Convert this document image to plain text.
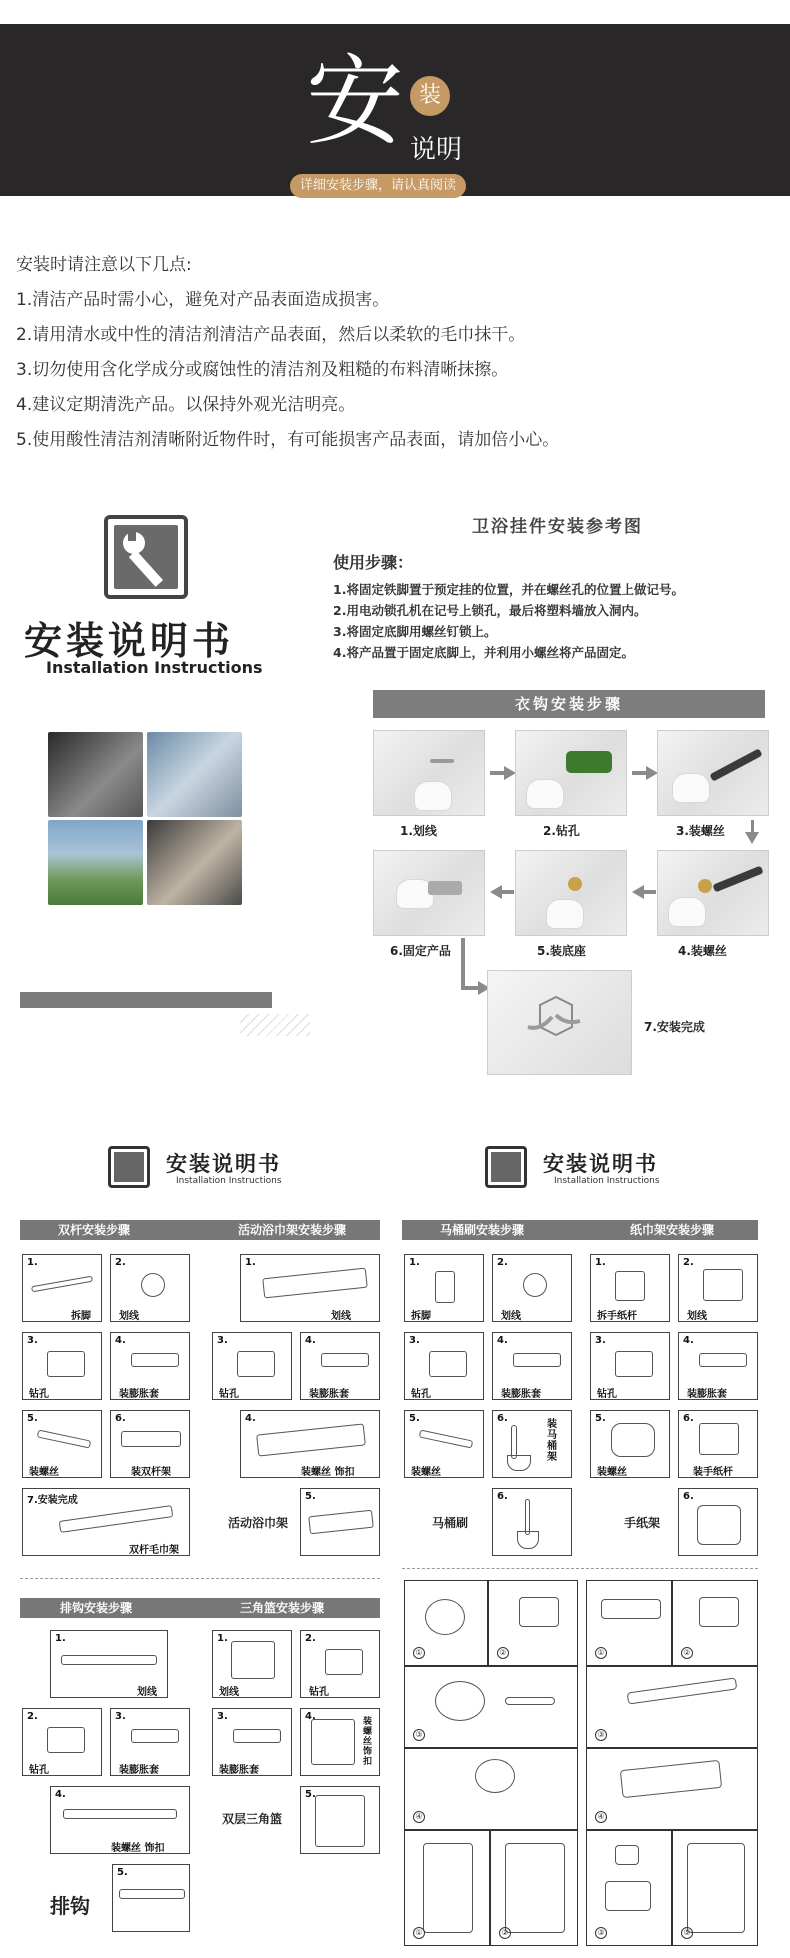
安 装
说明
详细安装步骤，请认真阅读
安装时请注意以下几点:
1.清洁产品时需小心，避免对产品表面造成损害。
2.请用清水或中性的清洁剂清洁产品表面，然后以柔软的毛巾抹干。
3.切勿使用含化学成分或腐蚀性的清洁剂及粗糙的布料清晰抹擦。
4.建议定期清洗产品。以保持外观光洁明亮。
5.使用酸性清洁剂清晰附近物件时，有可能损害产品表面，请加倍小心。
安装说明书
Installation Instructions
卫浴挂件安装参考图
使用步骤：
1.将固定铁脚置于预定挂的位置，并在螺丝孔的位置上做记号。
2.用电动锁孔机在记号上锁孔，最后将塑料墙放入洞内。
3.将固定底脚用螺丝钉锁上。
4.将产品置于固定底脚上，并利用小螺丝将产品固定。
衣钩安装步骤
1.划线	2.钻孔	3.装螺丝
6.固定产品	5.装底座	4.装螺丝
7.安装完成
安装说明书
Installation Instructions
安装说明书
Installation Instructions
双杆安装步骤	活动浴巾架安装步骤	马桶刷安装步骤	纸巾架安装步骤
1.
拆脚
2.
划线
3.
钻孔
4.
装膨胀套
5.
装螺丝
6.
装双杆架
7.安装完成
双杆毛巾架
1.
划线
3.
钻孔
4.
装膨胀套
4.
装螺丝 饰扣
活动浴巾架
5.
1.
拆脚
2.
划线
3.
钻孔
4.
装膨胀套
5.
装螺丝
6.
装马桶架
马桶刷
6.
1.
拆手纸杆
2.
划线
3.
钻孔
4.
装膨胀套
5.
装螺丝
6.
装手纸杆
手纸架
6.
排钩安装步骤	三角篮安装步骤
1.
划线
2.
钻孔
3.
装膨胀套
4.
装螺丝 饰扣
排钩
5.
1.
划线
2.
钻孔
3.
装膨胀套
4.	装螺丝饰扣
双层三角篮
5.
①	②
③
④
①	②
①	②
③
④
③	⑤
